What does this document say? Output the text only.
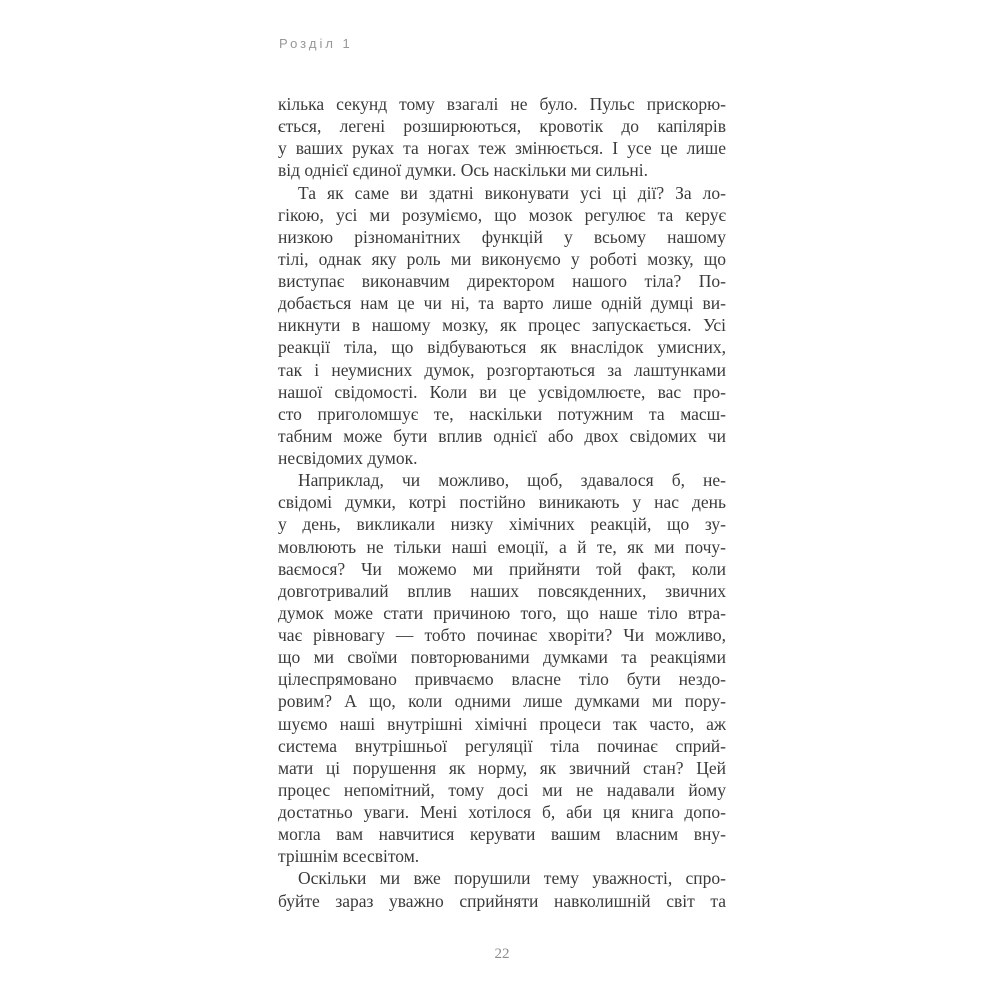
Розділ 1
кілька секунд тому взагалі не було. Пульс прискорю-
ється, легені розширюються, кровотік до капілярів
у ваших руках та ногах теж змінюється. І усе це лише
від однієї єдиної думки. Ось наскільки ми сильні.
Та як саме ви здатні виконувати усі ці дії? За ло-
гікою, усі ми розуміємо, що мозок регулює та керує
низкою різноманітних функцій у всьому нашому
тілі, однак яку роль ми виконуємо у роботі мозку, що
виступає виконавчим директором нашого тіла? По-
добається нам це чи ні, та варто лише одній думці ви-
никнути в нашому мозку, як процес запускається. Усі
реакції тіла, що відбуваються як внаслідок умисних,
так і неумисних думок, розгортаються за лаштунками
нашої свідомості. Коли ви це усвідомлюєте, вас про-
сто приголомшує те, наскільки потужним та масш-
табним може бути вплив однієї або двох свідомих чи
несвідомих думок.
Наприклад, чи можливо, щоб, здавалося б, не-
свідомі думки, котрі постійно виникають у нас день
у день, викликали низку хімічних реакцій, що зу-
мовлюють не тільки наші емоції, а й те, як ми почу-
ваємося? Чи можемо ми прийняти той факт, коли
довготривалий вплив наших повсякденних, звичних
думок може стати причиною того, що наше тіло втра-
чає рівновагу — тобто починає хворіти? Чи можливо,
що ми своїми повторюваними думками та реакціями
цілеспрямовано привчаємо власне тіло бути нездо-
ровим? А що, коли одними лише думками ми пору-
шуємо наші внутрішні хімічні процеси так часто, аж
система внутрішньої регуляції тіла починає сприй-
мати ці порушення як норму, як звичний стан? Цей
процес непомітний, тому досі ми не надавали йому
достатньо уваги. Мені хотілося б, аби ця книга допо-
могла вам навчитися керувати вашим власним вну-
трішнім всесвітом.
Оскільки ми вже порушили тему уважності, спро-
буйте зараз уважно сприйняти навколишній світ та
22
